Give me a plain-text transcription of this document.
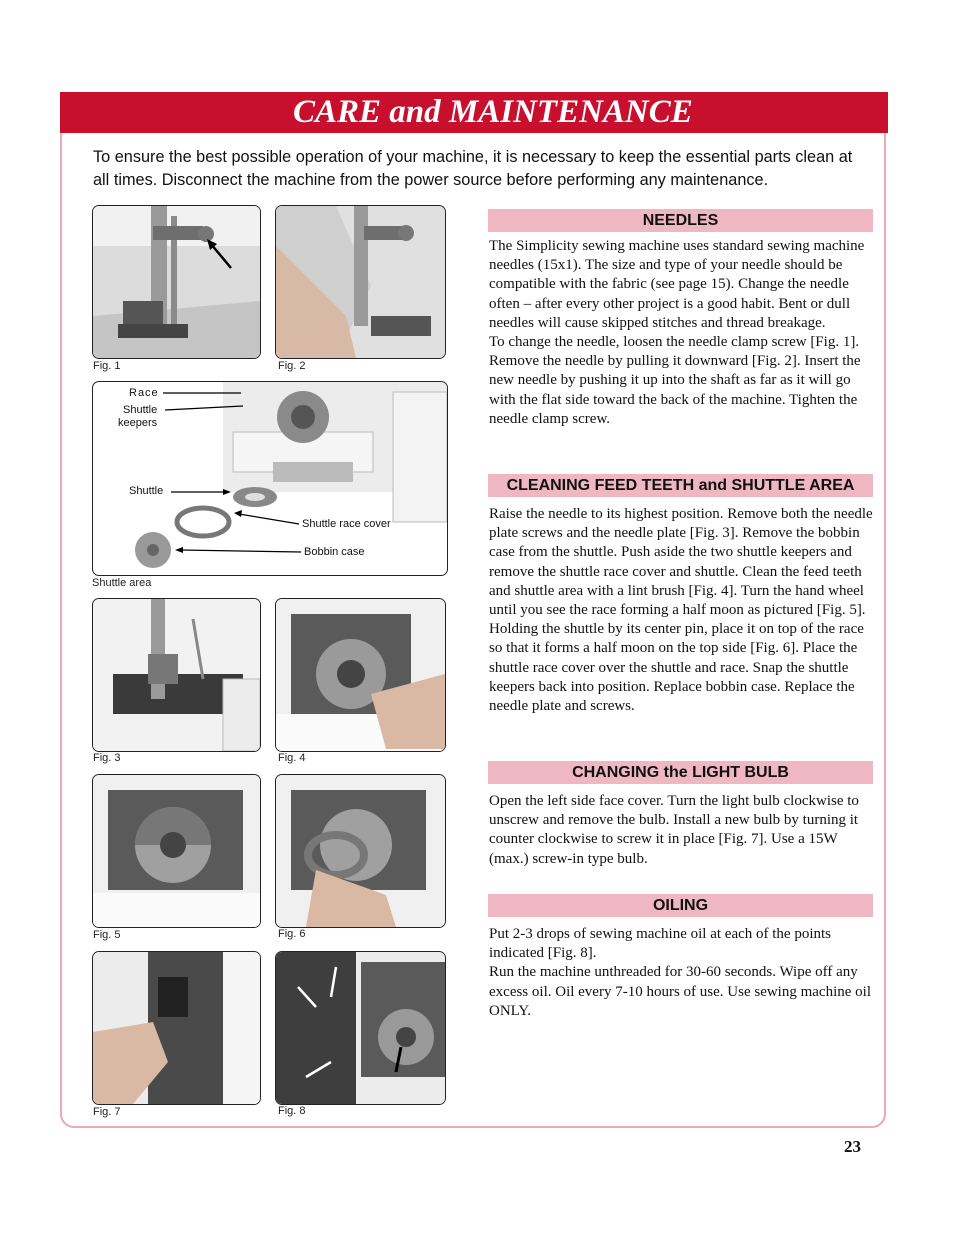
CARE and MAINTENANCE
To ensure the best possible operation of your machine, it is necessary to keep the essential parts clean at all times. Disconnect the machine from the power source before performing any maintenance.
Fig. 1	Fig. 2
Race
Shuttle
keepers
Shuttle
Shuttle race cover
Bobbin case
Shuttle area
Fig. 3	Fig. 4
Fig. 5	Fig. 6
Fig. 7	Fig. 8
NEEDLES

The Simplicity sewing machine uses standard sewing machine needles (15x1). The size and type of your needle should be compatible with the fabric (see page 15). Change the needle often – after every other project is a good habit. Bent or dull needles will cause skipped stitches and thread breakage.

To change the needle, loosen the needle clamp screw [Fig. 1]. Remove the needle by pulling it downward [Fig. 2]. Insert the new needle by pushing it up into the shaft as far as it will go with the flat side toward the back of the machine. Tighten the needle clamp screw.

CLEANING FEED TEETH and SHUTTLE AREA

Raise the needle to its highest position. Remove both the needle plate screws and the needle plate [Fig. 3]. Remove the bobbin case from the shuttle. Push aside the two shuttle keepers and remove the shuttle race cover and shuttle. Clean the feed teeth and shuttle area with a lint brush [Fig. 4]. Turn the hand wheel until you see the race forming a half moon as pictured [Fig. 5]. Holding the shuttle by its center pin, place it on top of the race so that it forms a half moon on the top side [Fig. 6]. Place the shuttle race cover over the shuttle and race. Snap the shuttle keepers back into position. Replace bobbin case. Replace the needle plate and screws.

CHANGING the LIGHT BULB

Open the left side face cover. Turn the light bulb clockwise to unscrew and remove the bulb. Install a new bulb by turning it counter clockwise to screw it in place [Fig. 7]. Use a 15W (max.) screw-in type bulb.

OILING

Put 2-3 drops of sewing machine oil at each of the points indicated [Fig. 8].

Run the machine unthreaded for 30-60 seconds. Wipe off any excess oil. Oil every 7-10 hours of use. Use sewing machine oil ONLY.

23
